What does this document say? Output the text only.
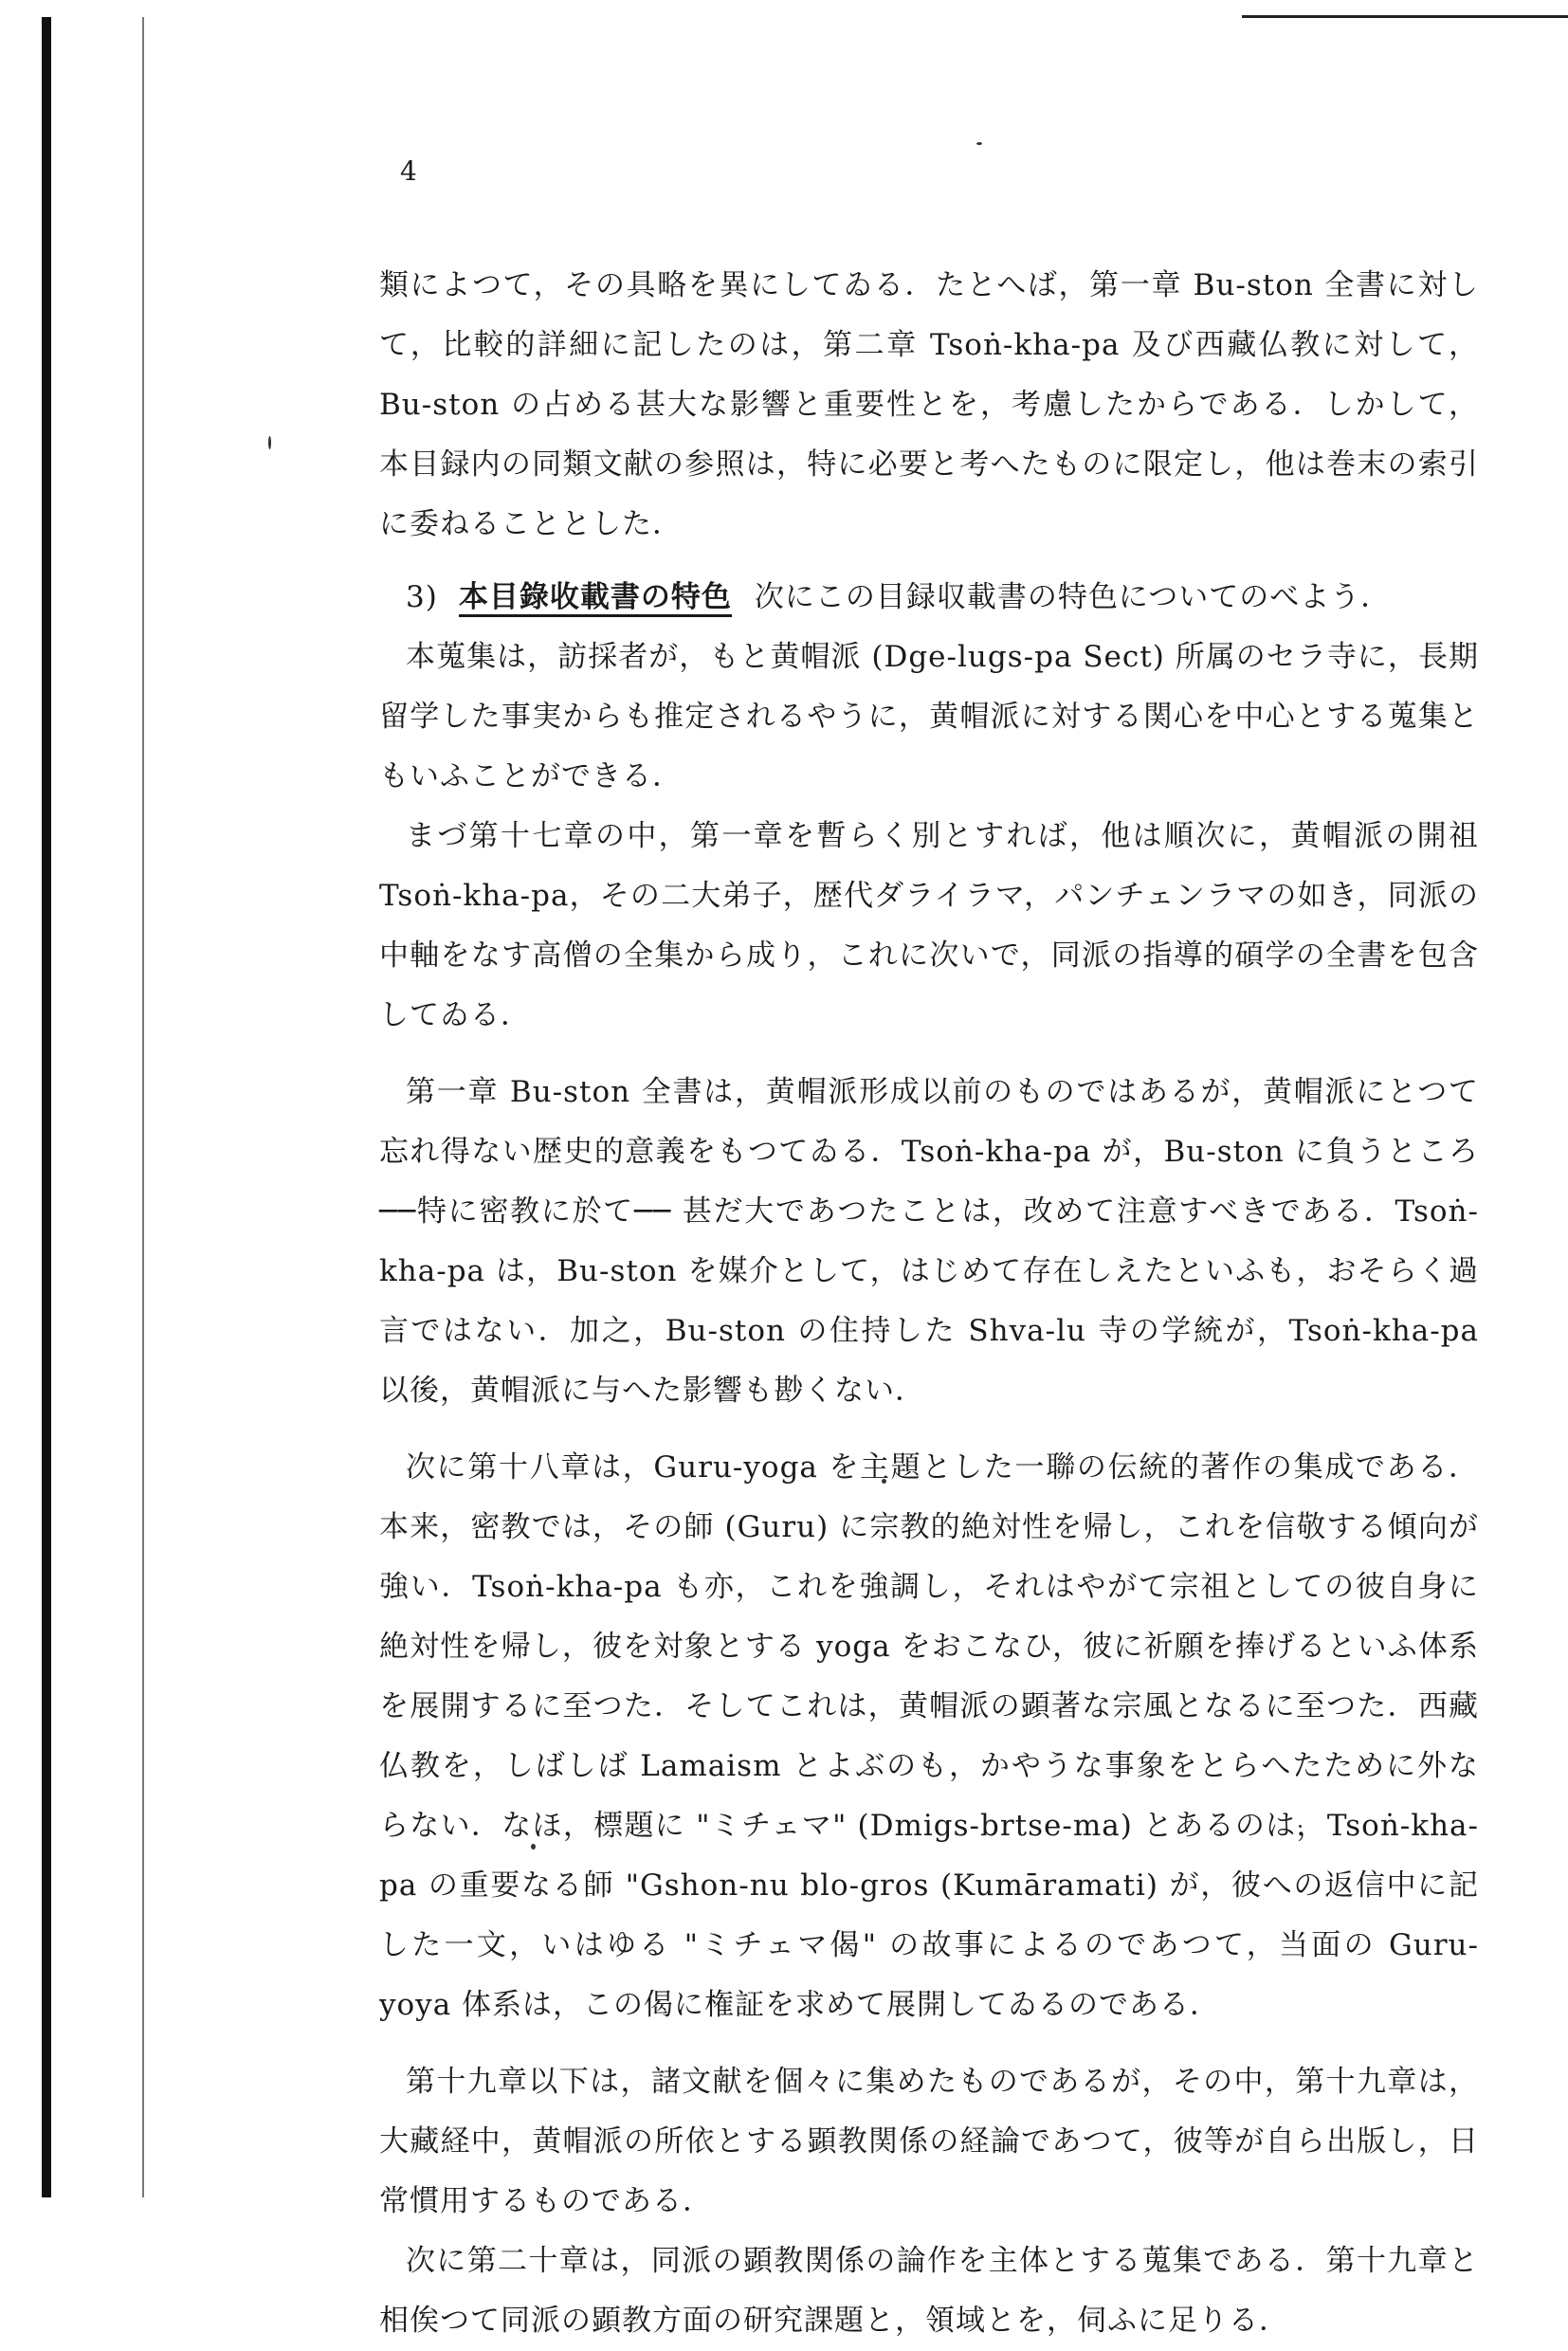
4

類によつて，その具略を異にしてゐる．たとへば，第一章 Bu-ston 全書に対して，比較的詳細に記したのは，第二章 Tsoṅ-kha-pa 及び西藏仏教に対して，Bu-ston の占める甚大な影響と重要性とを，考慮したからである．しかして，本目録内の同類文献の参照は，特に必要と考へたものに限定し，他は巻末の索引に委ねることとした．

3) 本目錄收載書の特色 次にこの目録収載書の特色についてのべよう．

本蒐集は，訪採者が，もと黄帽派 (Dge-lugs-pa Sect) 所属のセラ寺に，長期留学した事実からも推定されるやうに，黄帽派に対する関心を中心とする蒐集ともいふことができる．

まづ第十七章の中，第一章を暫らく別とすれば，他は順次に，黄帽派の開祖 Tsoṅ-kha-pa，その二大弟子，歴代ダライラマ，パンチェンラマの如き，同派の中軸をなす高僧の全集から成り，これに次いで，同派の指導的碩学の全書を包含してゐる．

第一章 Bu-ston 全書は，黄帽派形成以前のものではあるが，黄帽派にとつて忘れ得ない歴史的意義をもつてゐる．Tsoṅ-kha-pa が，Bu-ston に負うところ ──特に密教に於て── 甚だ大であつたことは，改めて注意すべきである．Tsoṅ-kha-pa は，Bu-ston を媒介として，はじめて存在しえたといふも，おそらく過言ではない．加之，Bu-ston の住持した Shva-lu 寺の学統が，Tsoṅ-kha-pa 以後，黄帽派に与へた影響も尠くない．

次に第十八章は，Guru-yoga を主題とした一聯の伝統的著作の集成である．本来，密教では，その師 (Guru) に宗教的絶対性を帰し，これを信敬する傾向が強い．Tsoṅ-kha-pa も亦，これを強調し，それはやがて宗祖としての彼自身に絶対性を帰し，彼を対象とする yoga をおこなひ，彼に祈願を捧げるといふ体系を展開するに至つた．そしてこれは，黄帽派の顕著な宗風となるに至つた．西藏仏教を，しばしば Lamaism とよぶのも，かやうな事象をとらへたために外ならない．なほ，標題に "ミチェマ" (Dmigs-brtse-ma) とあるのは，Tsoṅ-kha-pa の重要なる師 "Gshon-nu blo-gros (Kumāramati) が，彼への返信中に記した一文，いはゆる "ミチェマ偈" の故事によるのであつて，当面の Guru-yoya 体系は，この偈に権証を求めて展開してゐるのである．

第十九章以下は，諸文献を個々に集めたものであるが，その中，第十九章は，大藏経中，黄帽派の所依とする顕教関係の経論であつて，彼等が自ら出版し，日常慣用するものである．

次に第二十章は，同派の顕教関係の論作を主体とする蒐集である．第十九章と相俟つて同派の顕教方面の研究課題と，領域とを，伺ふに足りる．
